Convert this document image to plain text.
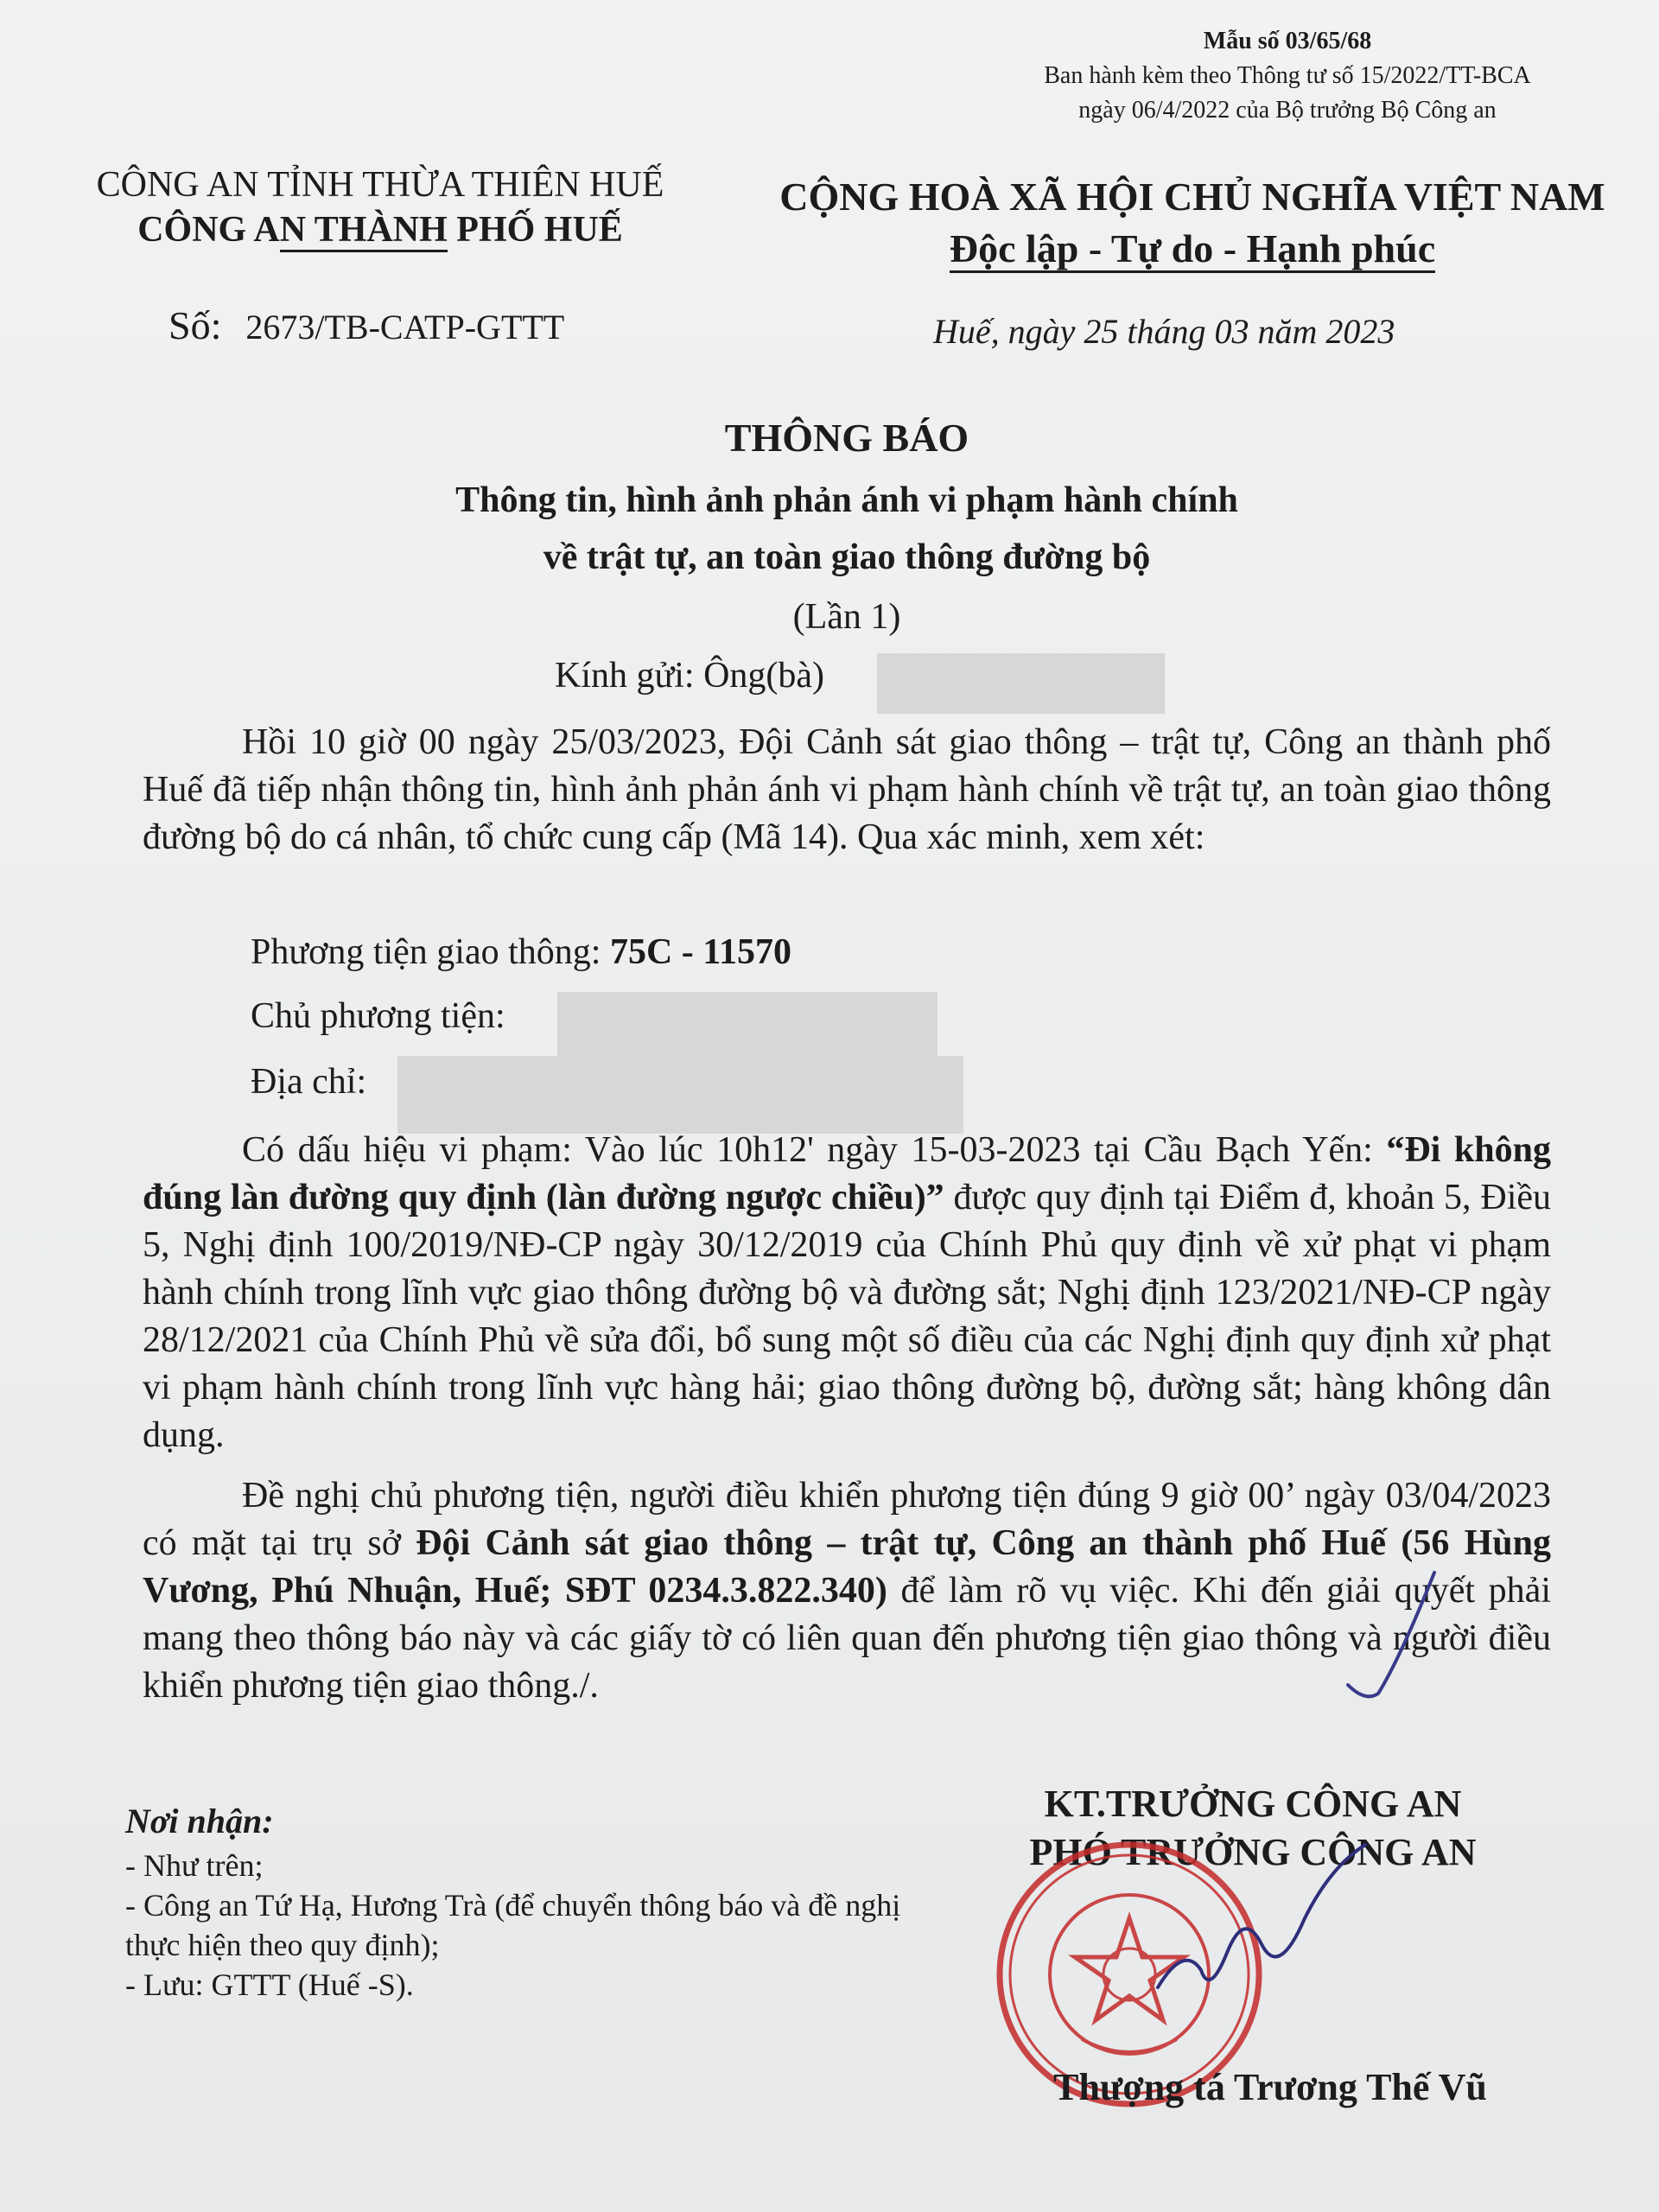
Mẫu số 03/65/68
Ban hành kèm theo Thông tư số 15/2022/TT-BCA
ngày 06/4/2022 của Bộ trưởng Bộ Công an
CÔNG AN TỈNH THỪA THIÊN HUẾ
CÔNG AN THÀNH PHỐ HUẾ
CỘNG HOÀ XÃ HỘI CHỦ NGHĨA VIỆT NAM
Độc lập - Tự do - Hạnh phúc
Số: 2673/TB-CATP-GTTT	Huế, ngày 25 tháng 03 năm 2023
THÔNG BÁO
Thông tin, hình ảnh phản ánh vi phạm hành chính
về trật tự, an toàn giao thông đường bộ
(Lần 1)
Kính gửi: Ông(bà)
Hồi 10 giờ 00 ngày 25/03/2023, Đội Cảnh sát giao thông – trật tự, Công an thành phố Huế đã tiếp nhận thông tin, hình ảnh phản ánh vi phạm hành chính về trật tự, an toàn giao thông đường bộ do cá nhân, tổ chức cung cấp (Mã 14). Qua xác minh, xem xét:
Phương tiện giao thông: 75C - 11570
Chủ phương tiện:
Địa chỉ:
Có dấu hiệu vi phạm: Vào lúc 10h12' ngày 15-03-2023 tại Cầu Bạch Yến: “Đi không đúng làn đường quy định (làn đường ngược chiều)” được quy định tại Điểm đ, khoản 5, Điều 5, Nghị định 100/2019/NĐ-CP ngày 30/12/2019 của Chính Phủ quy định về xử phạt vi phạm hành chính trong lĩnh vực giao thông đường bộ và đường sắt; Nghị định 123/2021/NĐ-CP ngày 28/12/2021 của Chính Phủ về sửa đổi, bổ sung một số điều của các Nghị định quy định xử phạt vi phạm hành chính trong lĩnh vực hàng hải; giao thông đường bộ, đường sắt; hàng không dân dụng.
Đề nghị chủ phương tiện, người điều khiển phương tiện đúng 9 giờ 00’ ngày 03/04/2023 có mặt tại trụ sở Đội Cảnh sát giao thông – trật tự, Công an thành phố Huế (56 Hùng Vương, Phú Nhuận, Huế; SĐT 0234.3.822.340) để làm rõ vụ việc. Khi đến giải quyết phải mang theo thông báo này và các giấy tờ có liên quan đến phương tiện giao thông và người điều khiển phương tiện giao thông./.
Nơi nhận:
- Như trên;
- Công an Tứ Hạ, Hương Trà (để chuyển thông báo và đề nghị thực hiện theo quy định);
- Lưu: GTTT (Huế -S).
KT.TRƯỞNG CÔNG AN
PHÓ TRƯỞNG CÔNG AN
Thượng tá Trương Thế Vũ
